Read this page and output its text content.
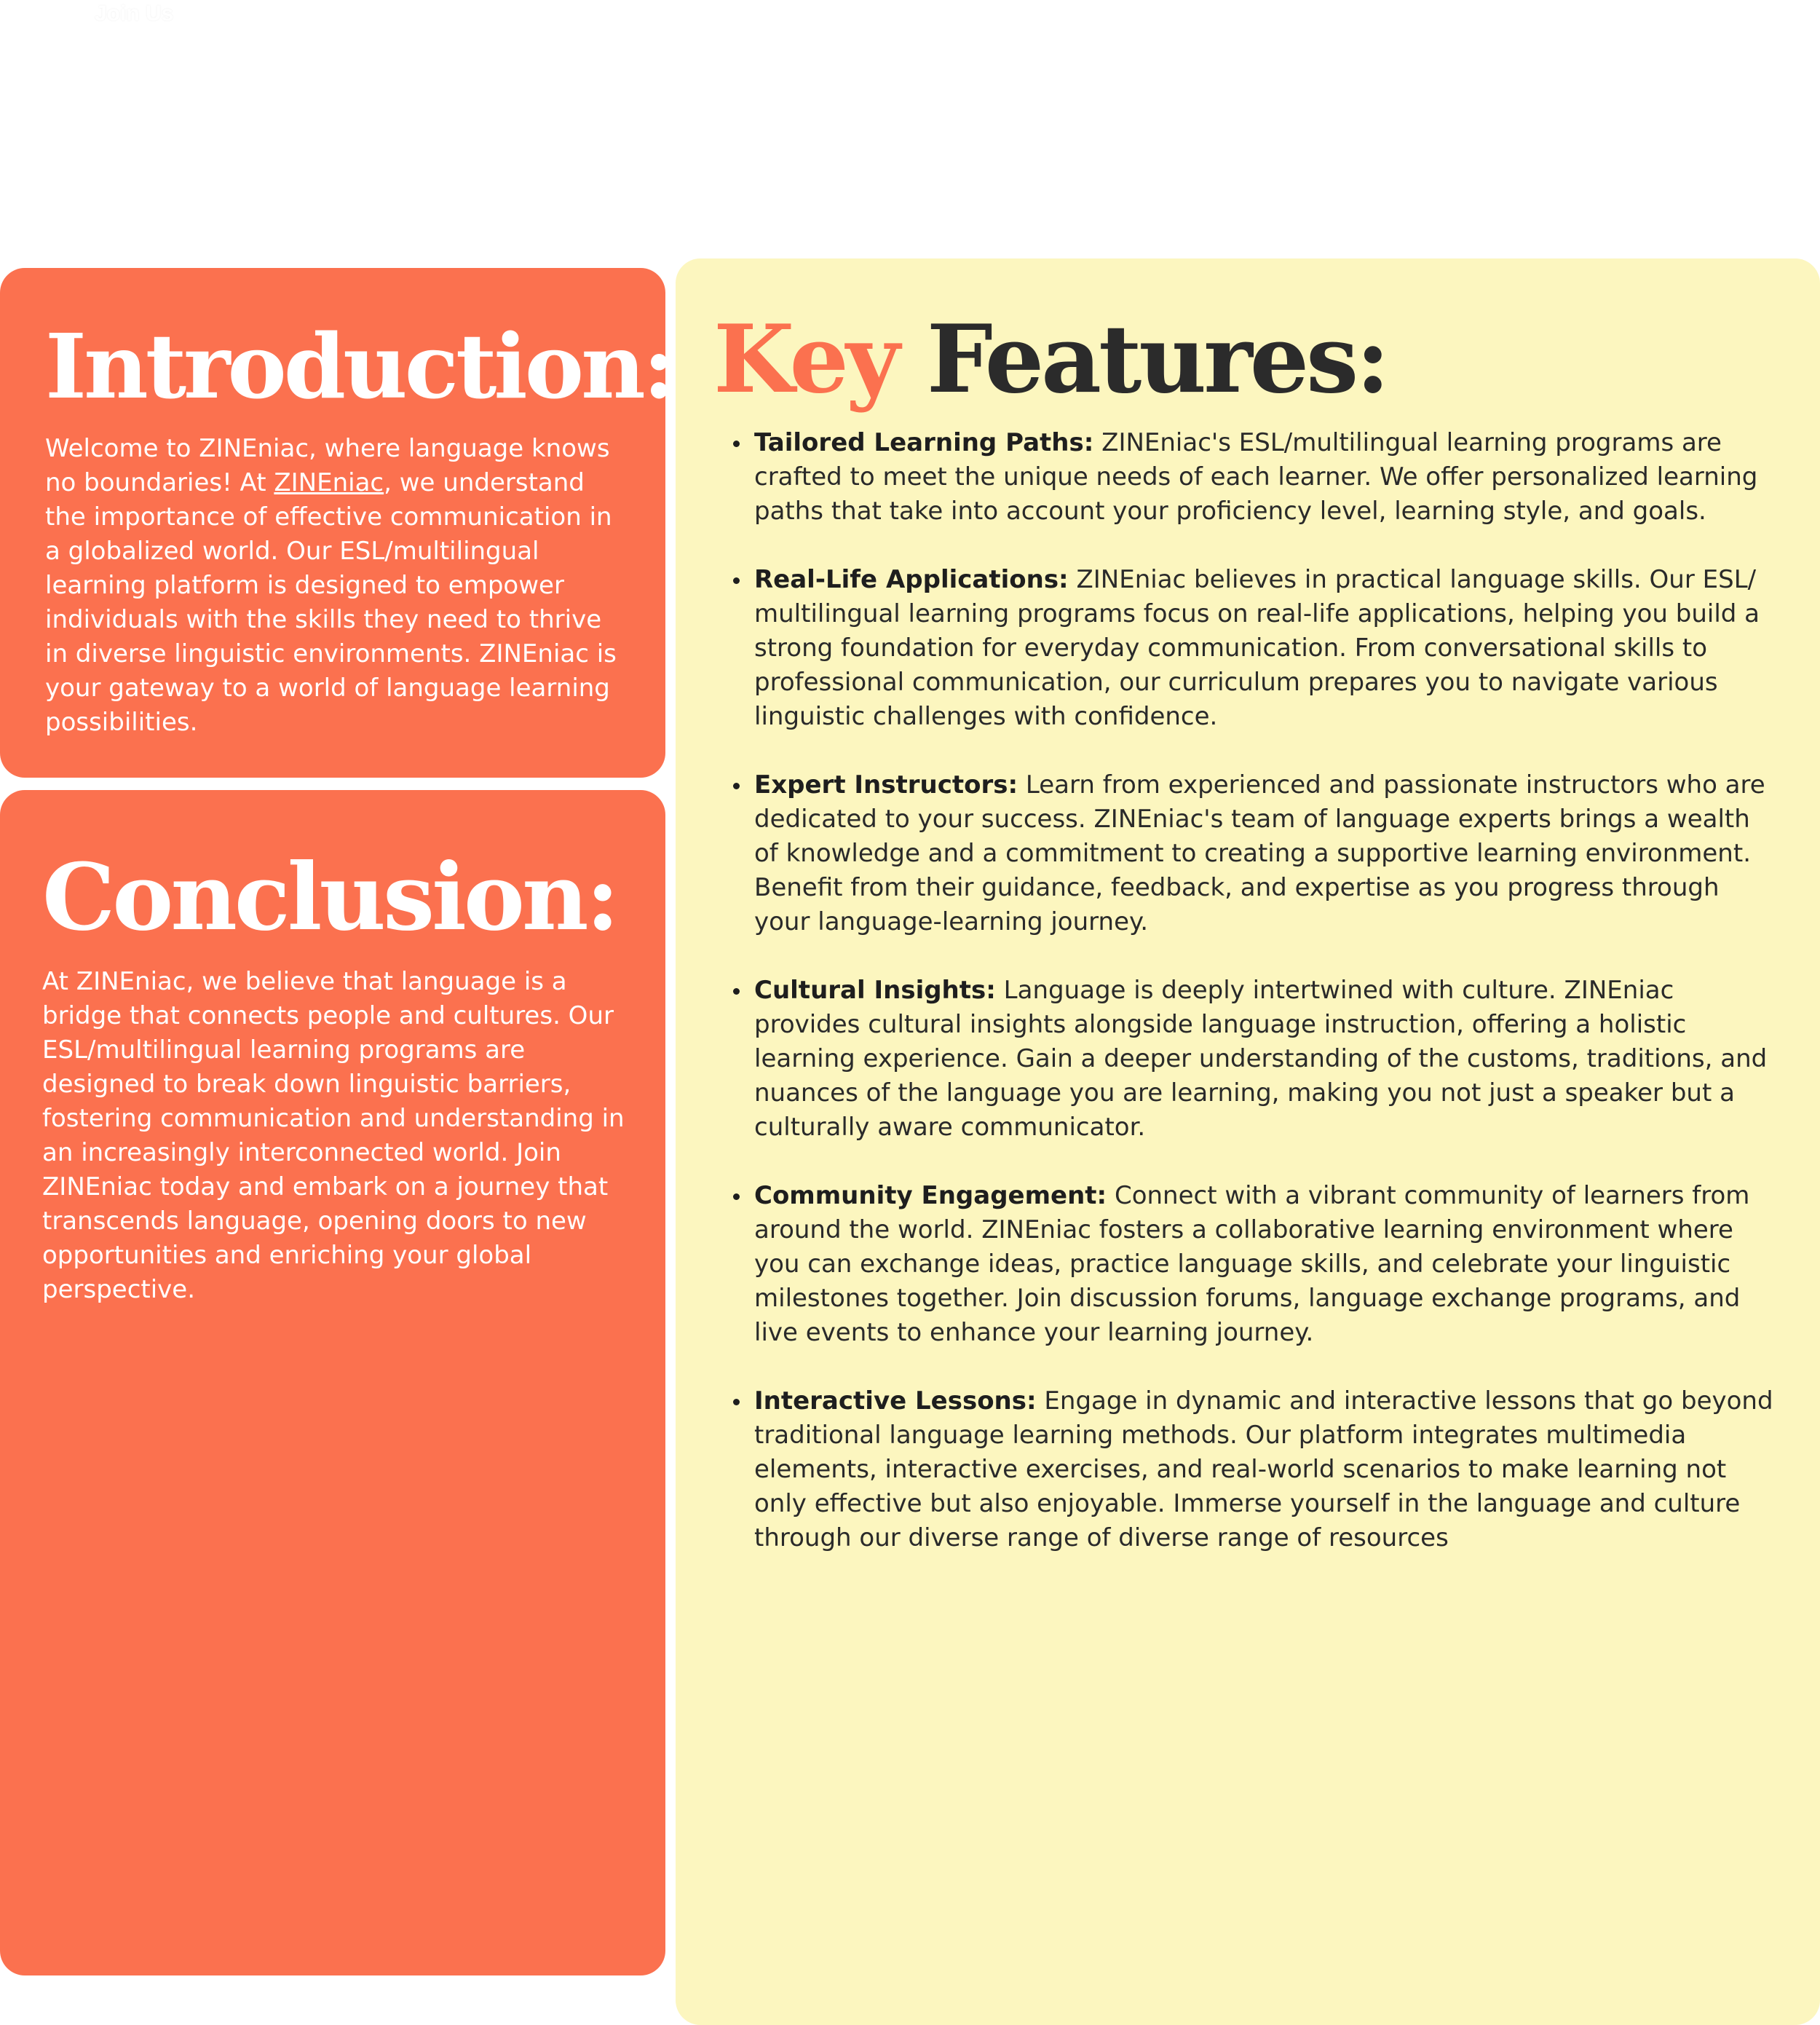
Join Us
Introduction:

Welcome to ZINEniac, where language knows no boundaries! At ZINEniac, we understand the importance of effective communication in a globalized world. Our ESL/multilingual learning platform is designed to empower individuals with the skills they need to thrive in diverse linguistic environments. ZINEniac is your gateway to a world of language learning possibilities.

Conclusion:

At ZINEniac, we believe that language is a bridge that connects people and cultures. Our ESL/multilingual learning programs are designed to break down linguistic barriers, fostering communication and understanding in an increasingly interconnected world. Join ZINEniac today and embark on a journey that transcends language, opening doors to new opportunities and enriching your global perspective.

Key Features:
Tailored Learning Paths: ZINEniac's ESL/multilingual learning programs are crafted to meet the unique needs of each learner. We offer personalized learning paths that take into account your proficiency level, learning style, and goals.
Real-Life Applications: ZINEniac believes in practical language skills. Our ESL/ multilingual learning programs focus on real-life applications, helping you build a strong foundation for everyday communication. From conversational skills to professional communication, our curriculum prepares you to navigate various linguistic challenges with confidence.
Expert Instructors: Learn from experienced and passionate instructors who are dedicated to your success. ZINEniac's team of language experts brings a wealth of knowledge and a commitment to creating a supportive learning environment. Benefit from their guidance, feedback, and expertise as you progress through your language-learning journey.
Cultural Insights: Language is deeply intertwined with culture. ZINEniac provides cultural insights alongside language instruction, offering a holistic learning experience. Gain a deeper understanding of the customs, traditions, and nuances of the language you are learning, making you not just a speaker but a culturally aware communicator.
Community Engagement: Connect with a vibrant community of learners from around the world. ZINEniac fosters a collaborative learning environment where you can exchange ideas, practice language skills, and celebrate your linguistic milestones together. Join discussion forums, language exchange programs, and live events to enhance your learning journey.
Interactive Lessons: Engage in dynamic and interactive lessons that go beyond traditional language learning methods. Our platform integrates multimedia elements, interactive exercises, and real-world scenarios to make learning not only effective but also enjoyable. Immerse yourself in the language and culture through our diverse range of diverse range of resources
